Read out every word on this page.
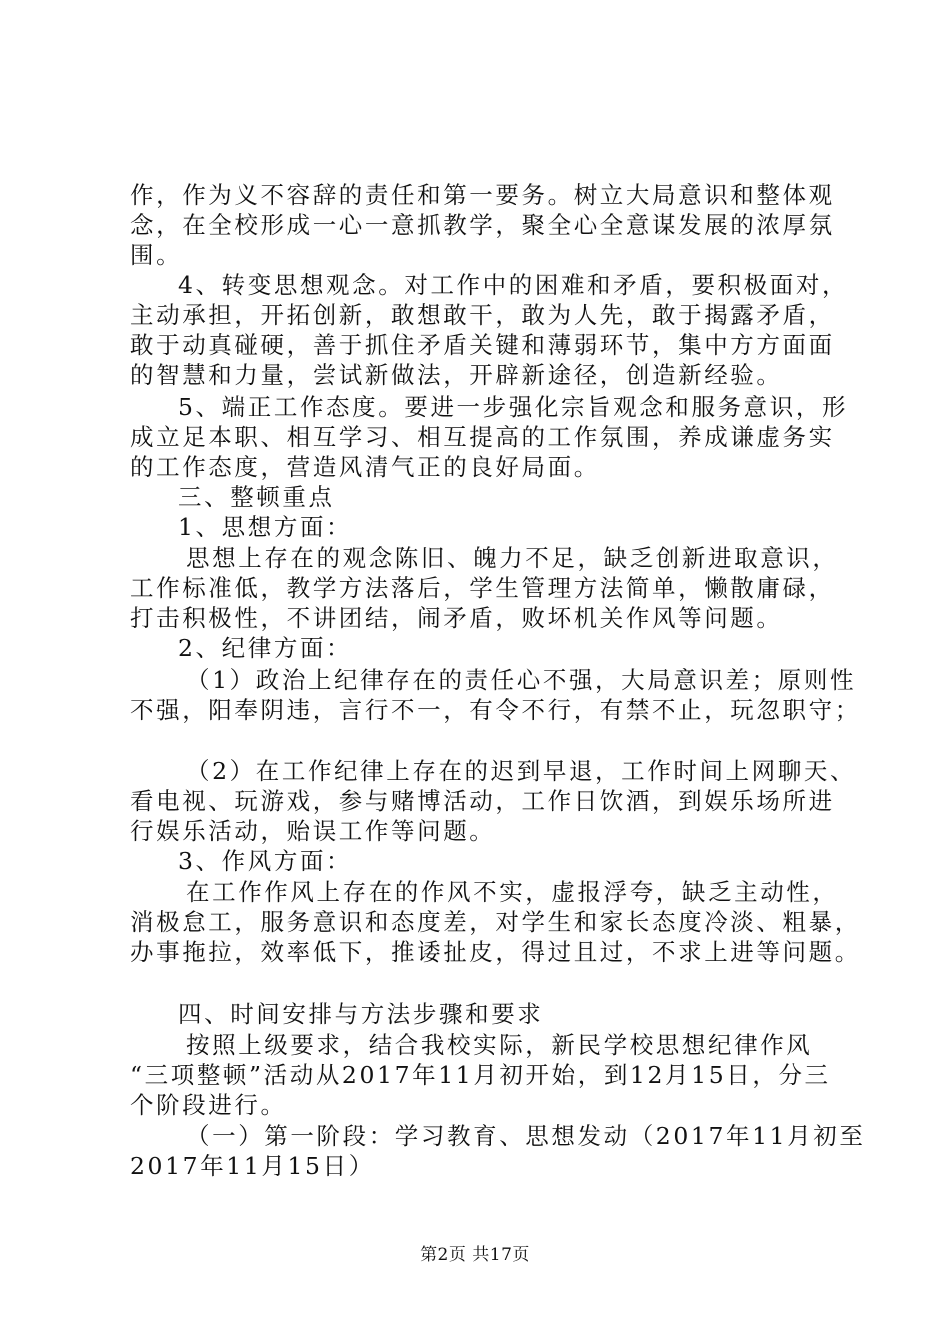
作，作为义不容辞的责任和第一要务。树立大局意识和整体观
念，在全校形成一心一意抓教学，聚全心全意谋发展的浓厚氛
围。
4、转变思想观念。对工作中的困难和矛盾，要积极面对，
主动承担，开拓创新，敢想敢干，敢为人先，敢于揭露矛盾，
敢于动真碰硬，善于抓住矛盾关键和薄弱环节，集中方方面面
的智慧和力量，尝试新做法，开辟新途径，创造新经验。
5、端正工作态度。要进一步强化宗旨观念和服务意识，形
成立足本职、相互学习、相互提高的工作氛围，养成谦虚务实
的工作态度，营造风清气正的良好局面。
三、整顿重点
1、思想方面：
思想上存在的观念陈旧、魄力不足，缺乏创新进取意识，
工作标准低，教学方法落后，学生管理方法简单，懒散庸碌，
打击积极性，不讲团结，闹矛盾，败坏机关作风等问题。
2、纪律方面：
（1）政治上纪律存在的责任心不强，大局意识差；原则性
不强，阳奉阴违，言行不一，有令不行，有禁不止，玩忽职守；
（2）在工作纪律上存在的迟到早退，工作时间上网聊天、
看电视、玩游戏，参与赌博活动，工作日饮酒，到娱乐场所进
行娱乐活动，贻误工作等问题。
3、作风方面：
在工作作风上存在的作风不实，虚报浮夸，缺乏主动性，
消极怠工，服务意识和态度差，对学生和家长态度冷淡、粗暴，
办事拖拉，效率低下，推诿扯皮，得过且过，不求上进等问题。
四、时间安排与方法步骤和要求
按照上级要求，结合我校实际，新民学校思想纪律作风
“三项整顿”活动从2017年11月初开始，到12月15日，分三
个阶段进行。
（一）第一阶段：学习教育、思想发动（2017年11月初至
2017年11月15日）
第2页 共17页
